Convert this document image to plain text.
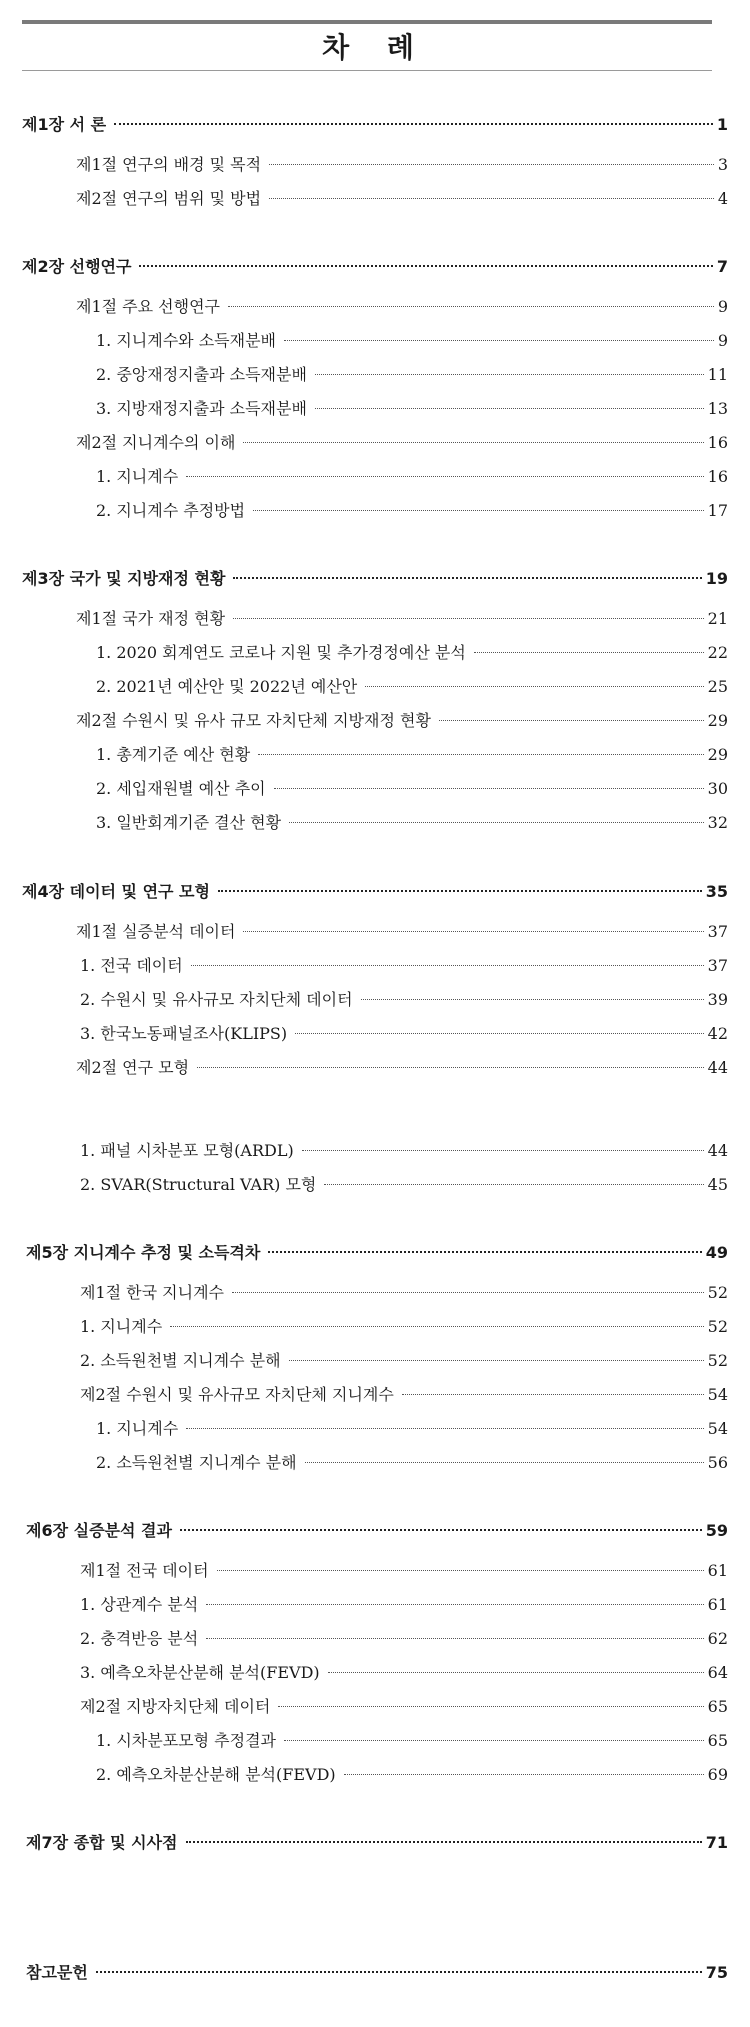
차 례
제1장 서 론	1
제1절 연구의 배경 및 목적	3
제2절 연구의 범위 및 방법	4
제2장 선행연구	7
제1절 주요 선행연구	9
1. 지니계수와 소득재분배	9
2. 중앙재정지출과 소득재분배	11
3. 지방재정지출과 소득재분배	13
제2절 지니계수의 이해	16
1. 지니계수	16
2. 지니계수 추정방법	17
제3장 국가 및 지방재정 현황	19
제1절 국가 재정 현황	21
1. 2020 회계연도 코로나 지원 및 추가경정예산 분석	22
2. 2021년 예산안 및 2022년 예산안	25
제2절 수원시 및 유사 규모 자치단체 지방재정 현황	29
1. 총계기준 예산 현황	29
2. 세입재원별 예산 추이	30
3. 일반회계기준 결산 현황	32
제4장 데이터 및 연구 모형	35
제1절 실증분석 데이터	37
1. 전국 데이터	37
2. 수원시 및 유사규모 자치단체 데이터	39
3. 한국노동패널조사(KLIPS)	42
제2절 연구 모형	44
1. 패널 시차분포 모형(ARDL)	44
2. SVAR(Structural VAR) 모형	45
제5장 지니계수 추정 및 소득격차	49
제1절 한국 지니계수	52
1. 지니계수	52
2. 소득원천별 지니계수 분해	52
제2절 수원시 및 유사규모 자치단체 지니계수	54
1. 지니계수	54
2. 소득원천별 지니계수 분해	56
제6장 실증분석 결과	59
제1절 전국 데이터	61
1. 상관계수 분석	61
2. 충격반응 분석	62
3. 예측오차분산분해 분석(FEVD)	64
제2절 지방자치단체 데이터	65
1. 시차분포모형 추정결과	65
2. 예측오차분산분해 분석(FEVD)	69
제7장 종합 및 시사점	71
참고문헌	75
